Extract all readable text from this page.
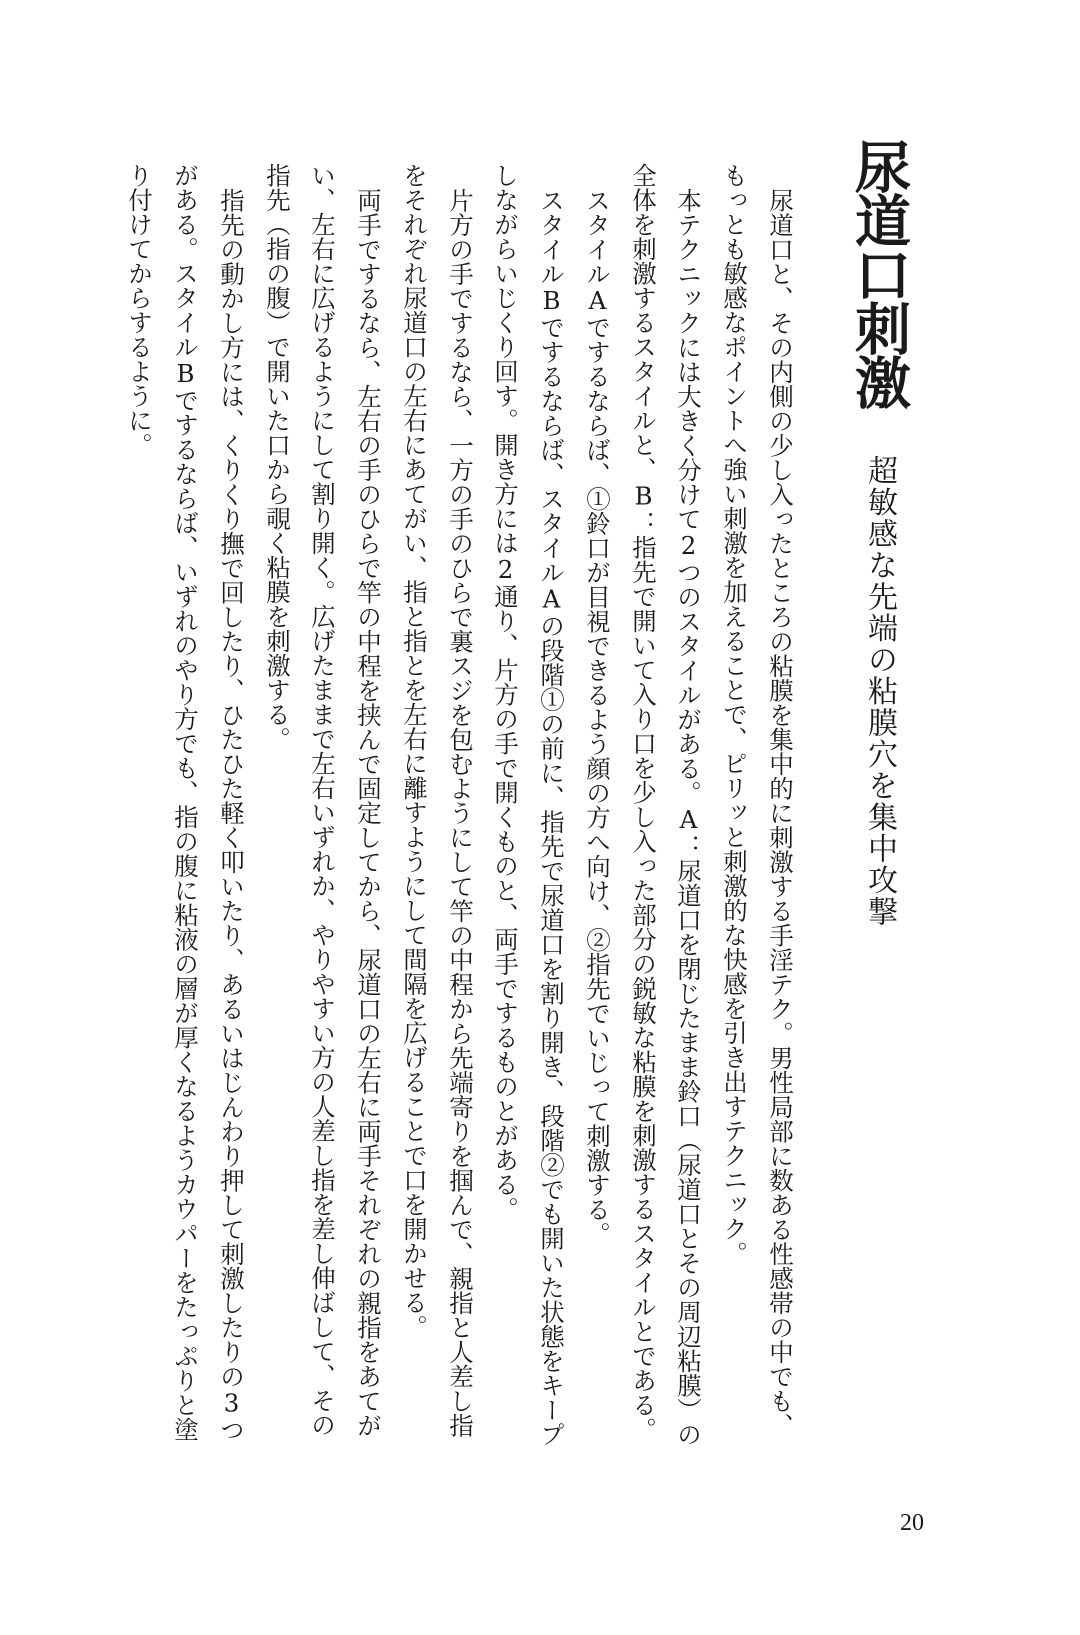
尿道口刺激
超敏感な先端の粘膜穴を集中攻撃
尿道口と、その内側の少し入ったところの粘膜を集中的に刺激する手淫テク。男性局部に数ある性感帯の中でも、
もっとも敏感なポイントへ強い刺激を加えることで、ピリッと刺激的な快感を引き出すテクニック。
本テクニックには大きく分けて2つのスタイルがある。A：尿道口を閉じたまま鈴口（尿道口とその周辺粘膜）の
全体を刺激するスタイルと、B：指先で開いて入り口を少し入った部分の鋭敏な粘膜を刺激するスタイルとである。
スタイルAでするならば、①鈴口が目視できるよう顔の方へ向け、②指先でいじって刺激する。
スタイルBでするならば、スタイルAの段階①の前に、指先で尿道口を割り開き、段階②でも開いた状態をキープ
しながらいじくり回す。開き方には2通り、片方の手で開くものと、両手でするものとがある。
片方の手でするなら、一方の手のひらで裏スジを包むようにして竿の中程から先端寄りを掴んで、親指と人差し指
をそれぞれ尿道口の左右にあてがい、指と指とを左右に離すようにして間隔を広げることで口を開かせる。
両手でするなら、左右の手のひらで竿の中程を挟んで固定してから、尿道口の左右に両手それぞれの親指をあてが
い、左右に広げるようにして割り開く。広げたままで左右いずれか、やりやすい方の人差し指を差し伸ばして、その
指先（指の腹）で開いた口から覗く粘膜を刺激する。
指先の動かし方には、くりくり撫で回したり、ひたひた軽く叩いたり、あるいはじんわり押して刺激したりの3つ
がある。スタイルBでするならば、いずれのやり方でも、指の腹に粘液の層が厚くなるようカウパーをたっぷりと塗
り付けてからするように。
20
